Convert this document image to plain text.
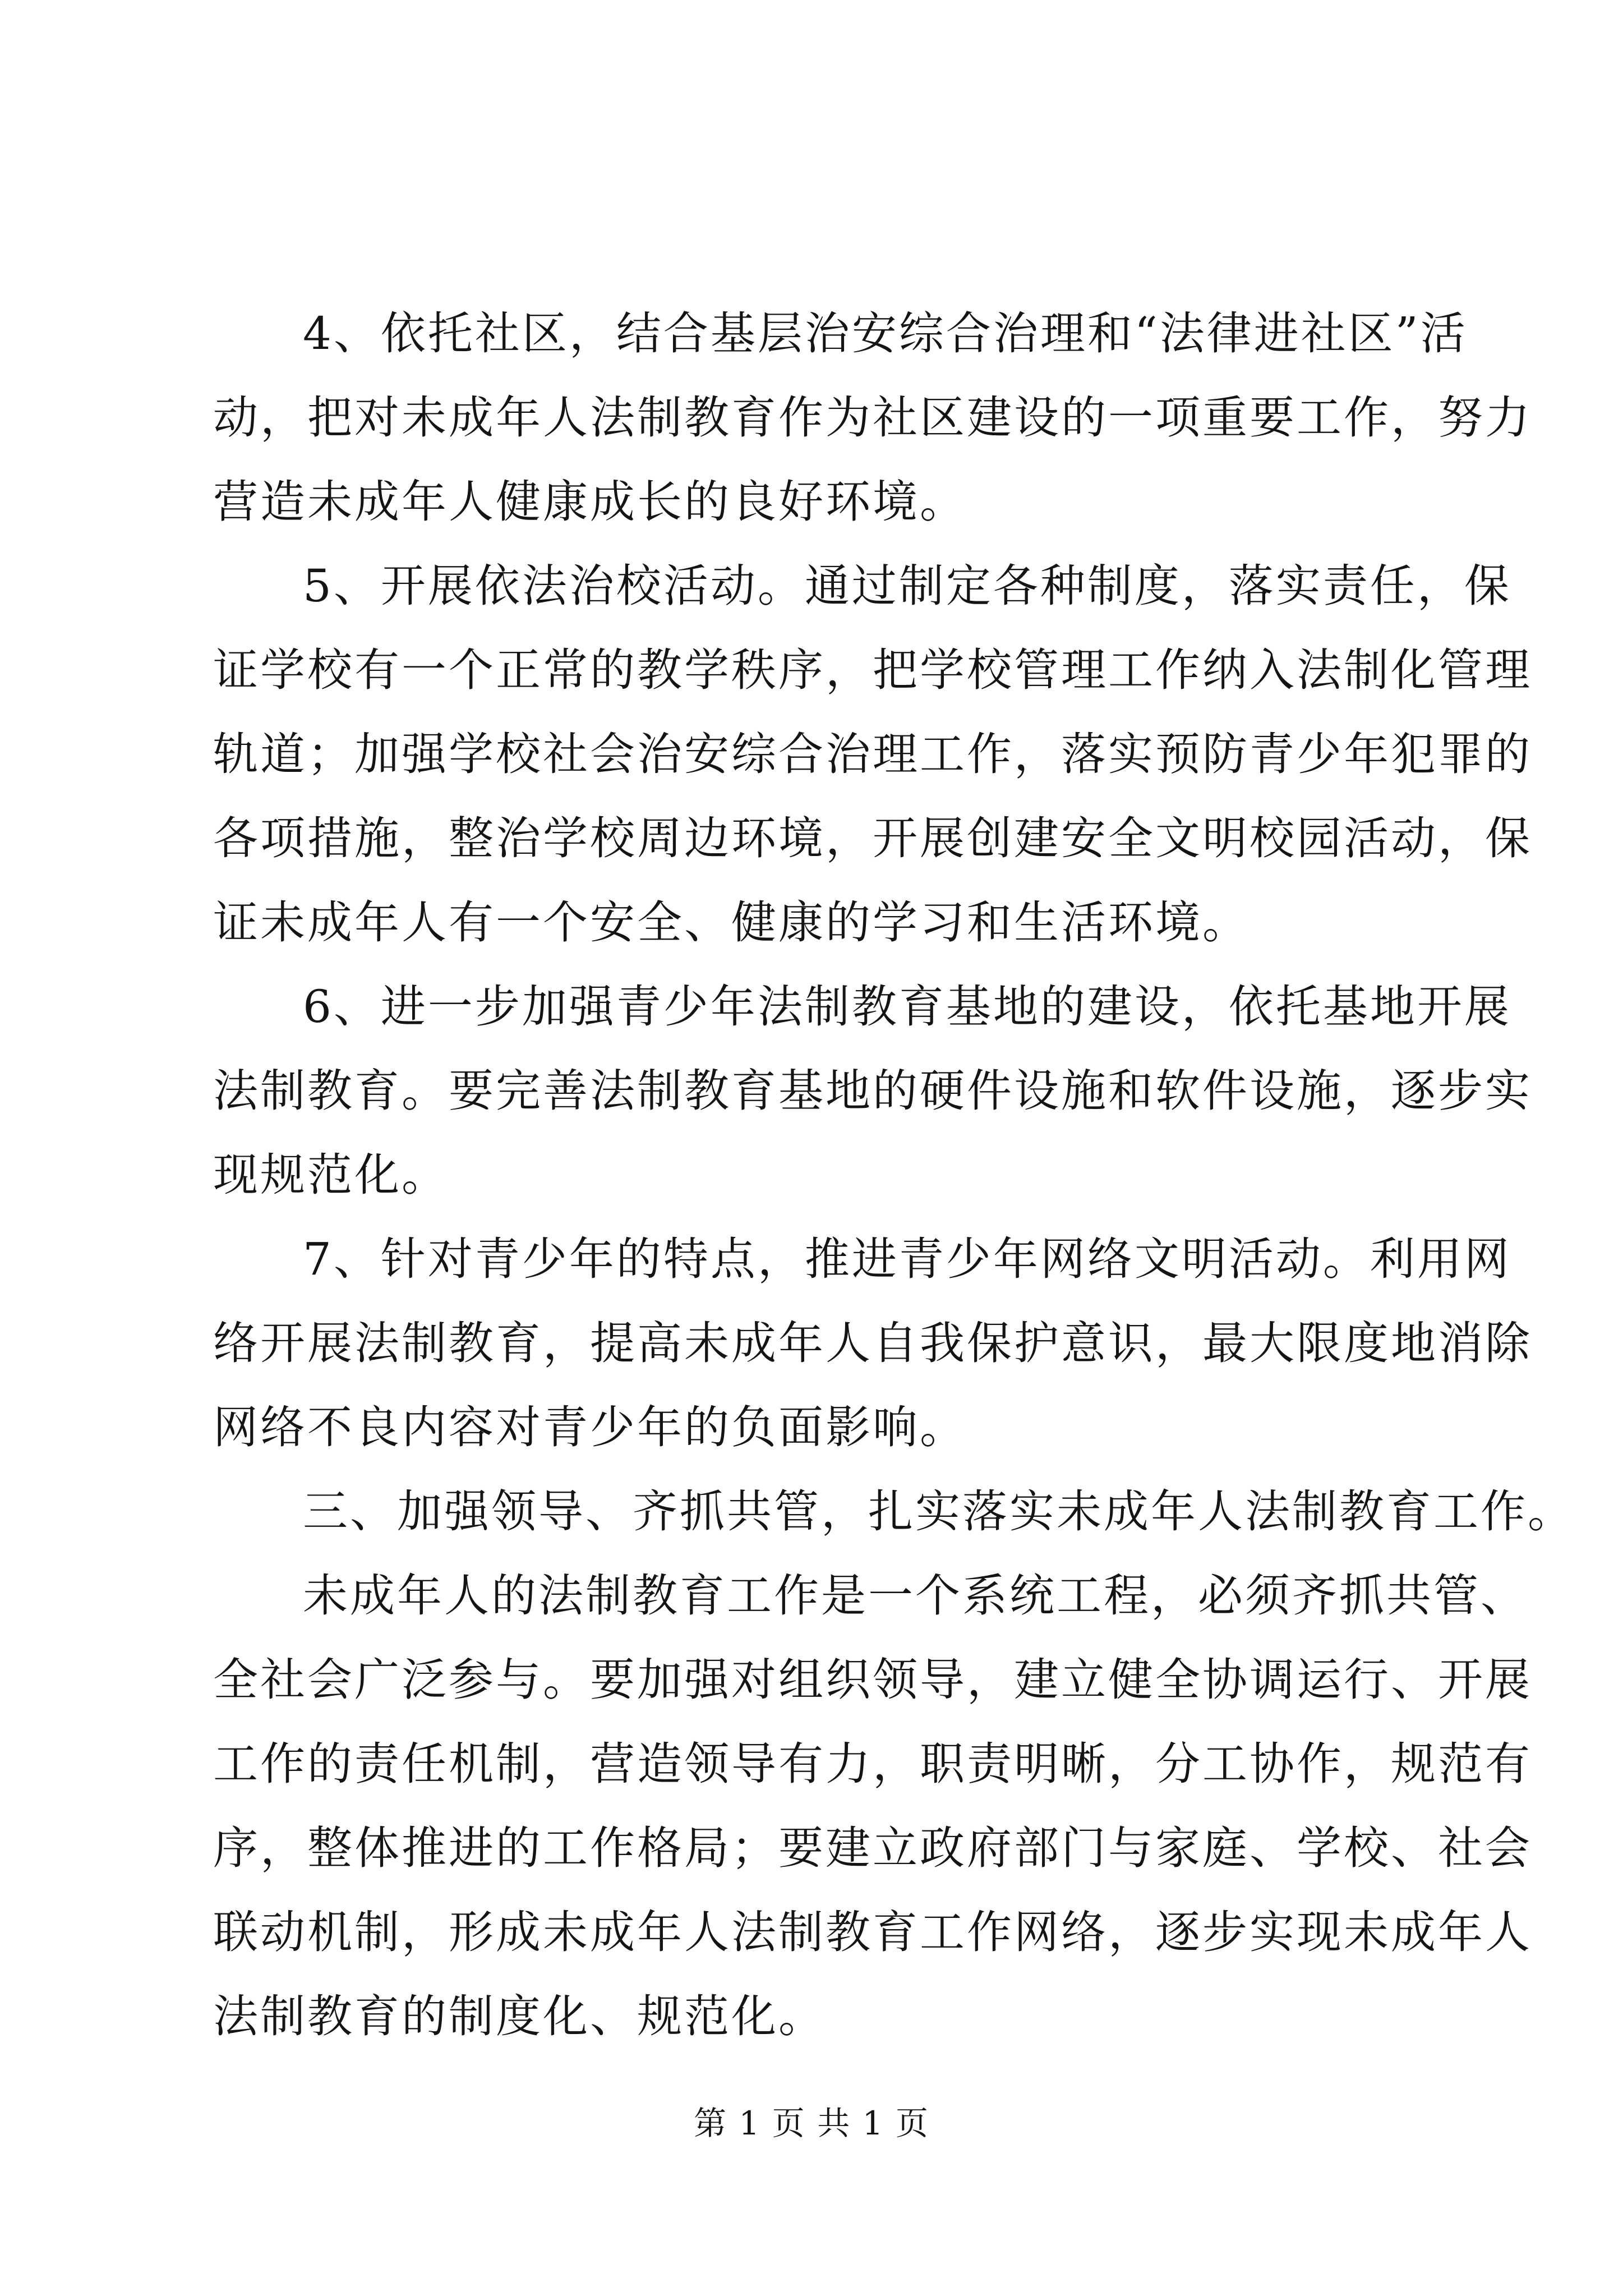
4、依托社区，结合基层治安综合治理和“法律进社区”活
动，把对未成年人法制教育作为社区建设的一项重要工作，努力
营造未成年人健康成长的良好环境。
5、开展依法治校活动。通过制定各种制度，落实责任，保
证学校有一个正常的教学秩序，把学校管理工作纳入法制化管理
轨道；加强学校社会治安综合治理工作，落实预防青少年犯罪的
各项措施，整治学校周边环境，开展创建安全文明校园活动，保
证未成年人有一个安全、健康的学习和生活环境。
6、进一步加强青少年法制教育基地的建设，依托基地开展
法制教育。要完善法制教育基地的硬件设施和软件设施，逐步实
现规范化。
7、针对青少年的特点，推进青少年网络文明活动。利用网
络开展法制教育，提高未成年人自我保护意识，最大限度地消除
网络不良内容对青少年的负面影响。
三、加强领导、齐抓共管，扎实落实未成年人法制教育工作。
未成年人的法制教育工作是一个系统工程，必须齐抓共管、
全社会广泛参与。要加强对组织领导，建立健全协调运行、开展
工作的责任机制，营造领导有力，职责明晰，分工协作，规范有
序，整体推进的工作格局；要建立政府部门与家庭、学校、社会
联动机制，形成未成年人法制教育工作网络，逐步实现未成年人
法制教育的制度化、规范化。
第 1 页 共 1 页
